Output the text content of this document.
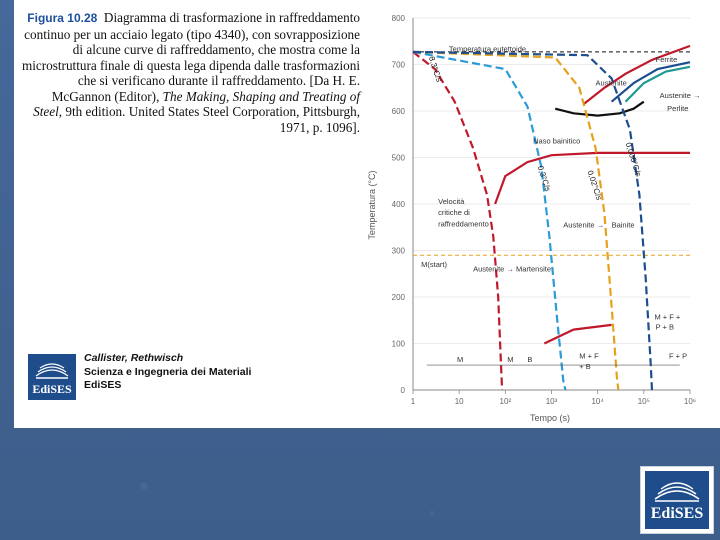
Figura 10.28 Diagramma di trasformazione in raffreddamento continuo per un acciaio legato (tipo 4340), con sovrapposizione di alcune curve di raffreddamento, che mostra come la microstruttura finale di questa lega dipenda dalle trasformazioni che si verificano durante il raffreddamento. [Da H. E. McGannon (Editor), The Making, Shaping and Treating of Steel, 9th edition. United States Steel Corporation, Pittsburgh, 1971, p. 1096].
EdiSES
Callister, Rethwisch
Scienza e Ingegneria dei Materiali
EdiSES
8,3°C/s
0,3°C/s	0,02°C/s
0,006°C/s
Temperatura eutettoide
Ferrite
Austenite
Austenite →
Perlite
Naso bainitico
Velocità
critiche di
raffreddamento	Austenite → Bainite
M(start)
Austenite → Martensite
M + F +
P + B
M	M B	M + F
+ B
F + P
0
100
200
300
400
500
600
700
800
1	10	10²	10³	10⁴	10⁵	10⁶
Tempo (s)
Temperatura (°C)
EdiSES
